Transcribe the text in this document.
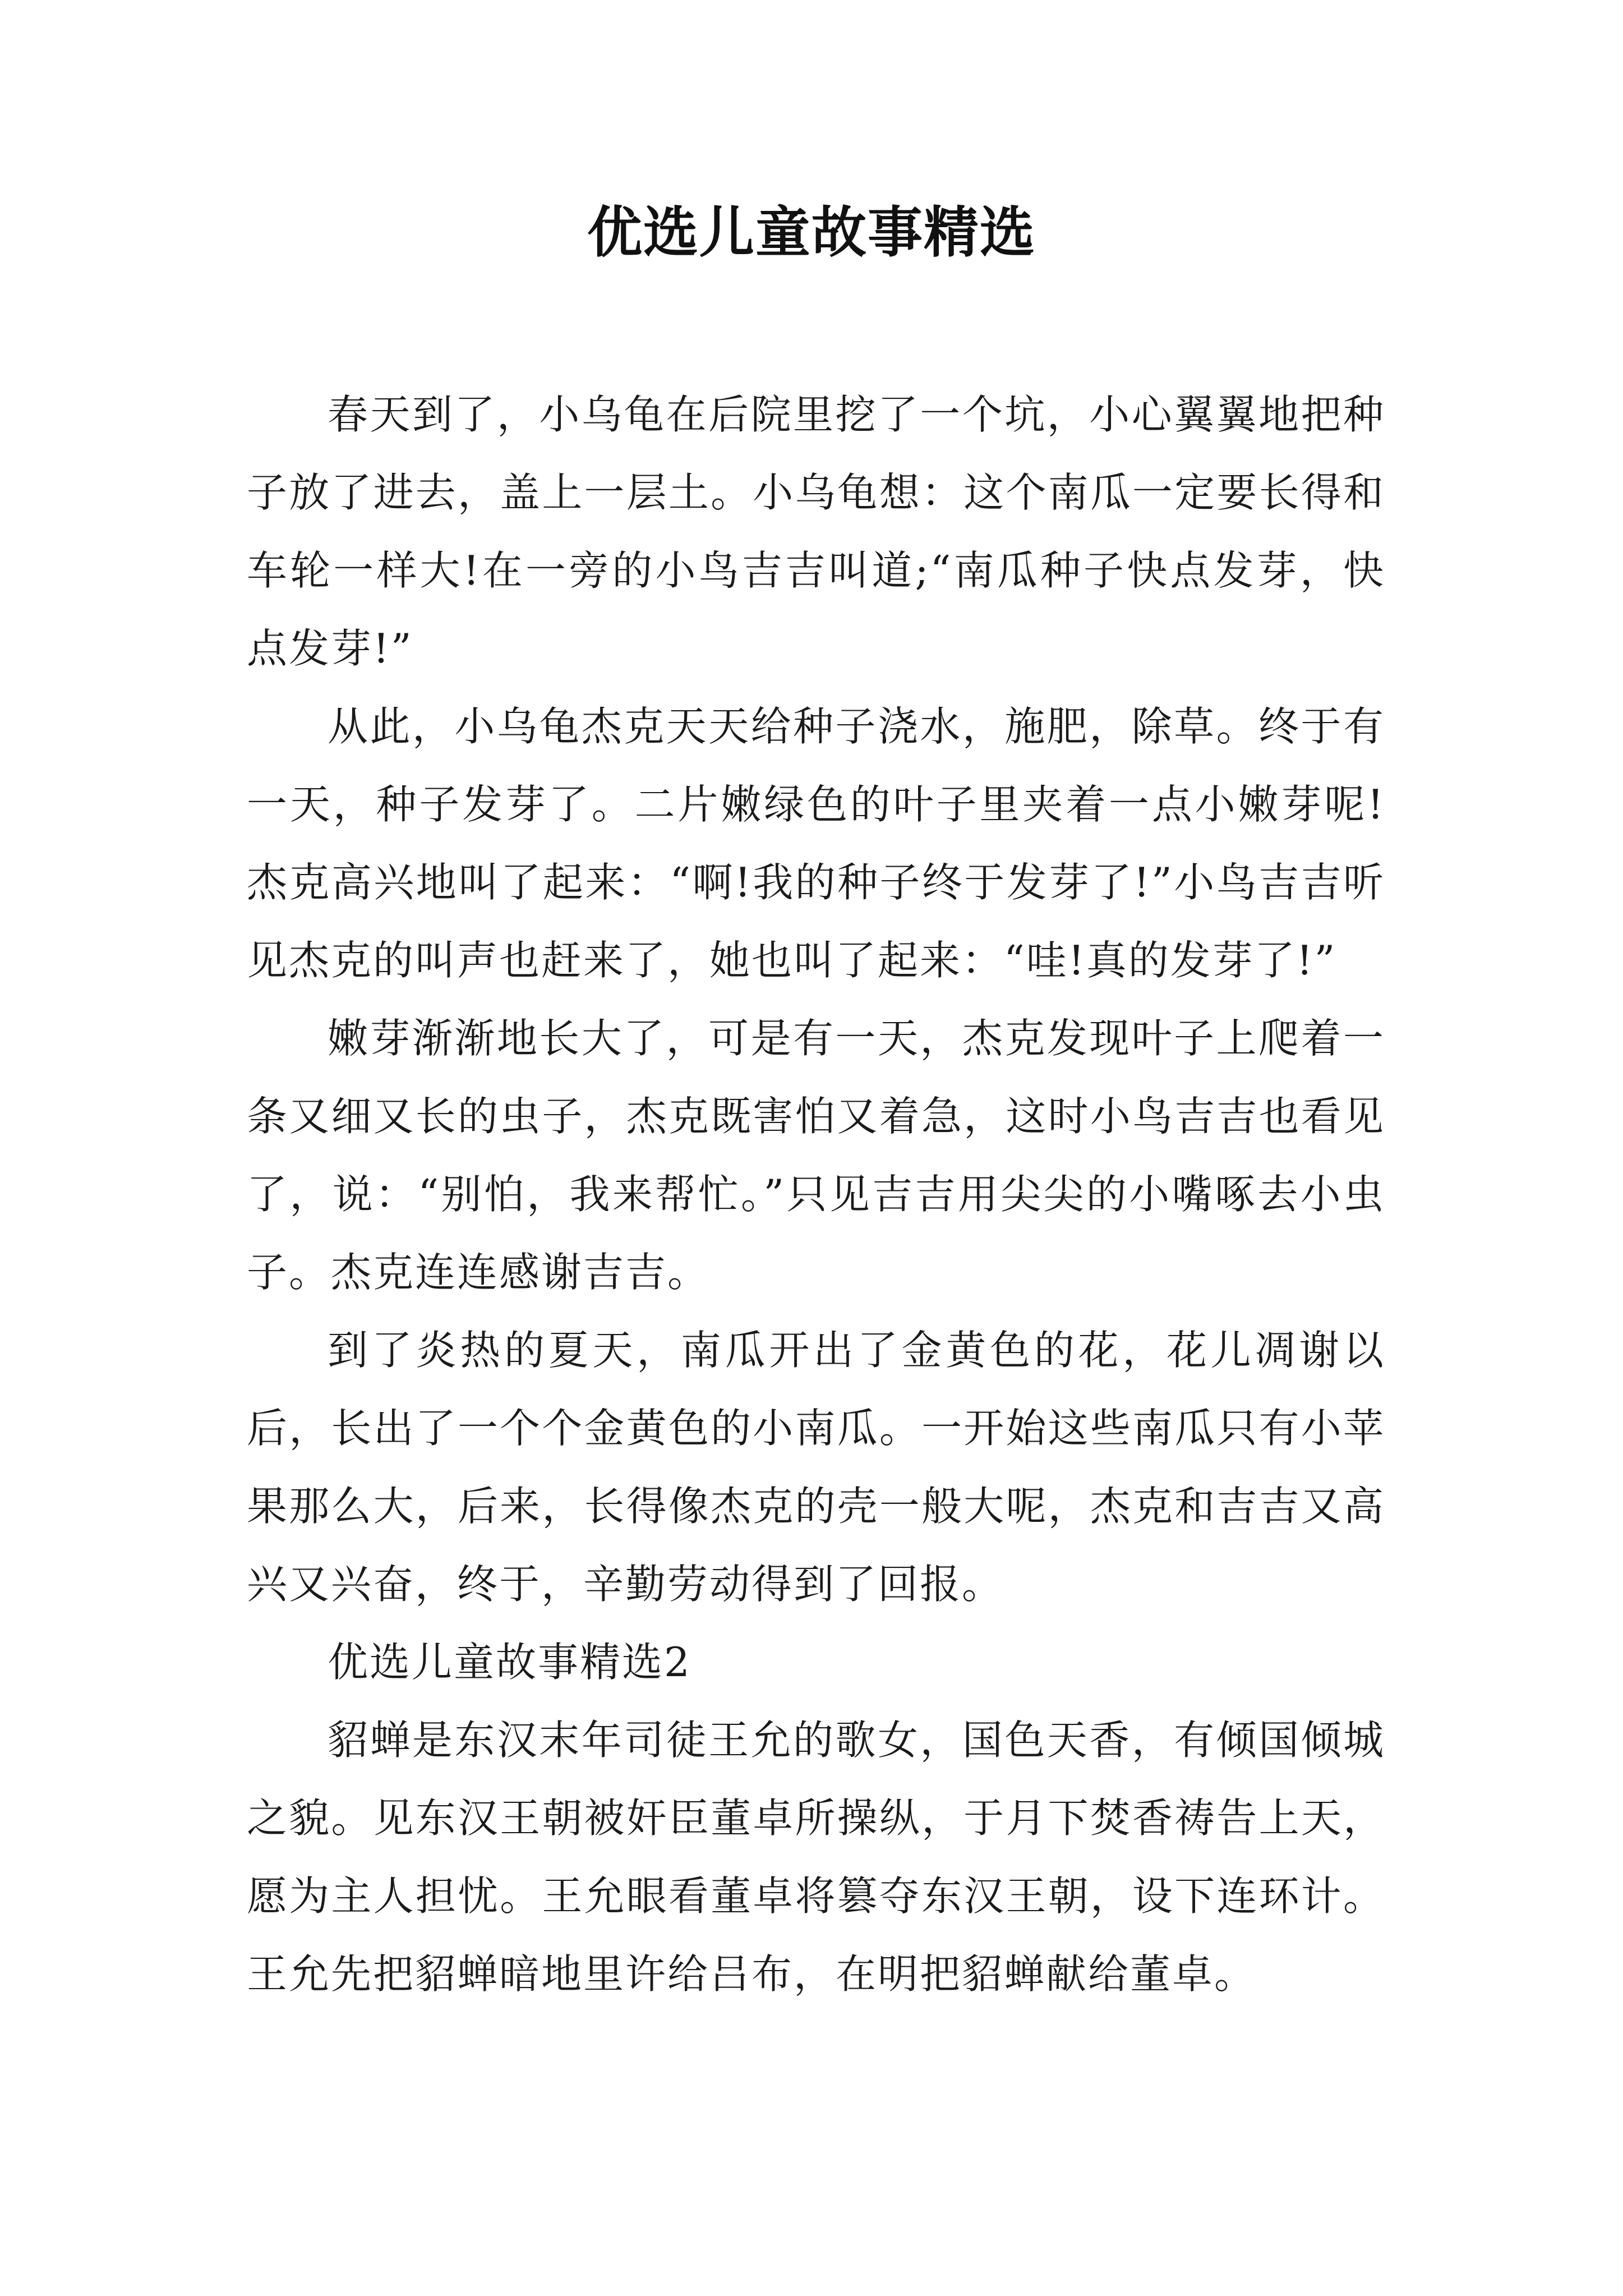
优选儿童故事精选

春天到了，小乌龟在后院里挖了一个坑，小心翼翼地把种子放了进去，盖上一层土。小乌龟想：这个南瓜一定要长得和车轮一样大!在一旁的小鸟吉吉叫道;“南瓜种子快点发芽，快点发芽!”

从此，小乌龟杰克天天给种子浇水，施肥，除草。终于有一天，种子发芽了。二片嫩绿色的叶子里夹着一点小嫩芽呢!杰克高兴地叫了起来：“啊!我的种子终于发芽了!”小鸟吉吉听见杰克的叫声也赶来了，她也叫了起来：“哇!真的发芽了!”

嫩芽渐渐地长大了，可是有一天，杰克发现叶子上爬着一条又细又长的虫子，杰克既害怕又着急，这时小鸟吉吉也看见了，说：“别怕，我来帮忙。”只见吉吉用尖尖的小嘴啄去小虫子。杰克连连感谢吉吉。

到了炎热的夏天，南瓜开出了金黄色的花，花儿凋谢以后，长出了一个个金黄色的小南瓜。一开始这些南瓜只有小苹果那么大，后来，长得像杰克的壳一般大呢，杰克和吉吉又高兴又兴奋，终于，辛勤劳动得到了回报。

优选儿童故事精选2

貂蝉是东汉末年司徒王允的歌女，国色天香，有倾国倾城之貌。见东汉王朝被奸臣董卓所操纵，于月下焚香祷告上天，愿为主人担忧。王允眼看董卓将篡夺东汉王朝，设下连环计。王允先把貂蝉暗地里许给吕布，在明把貂蝉献给董卓。
